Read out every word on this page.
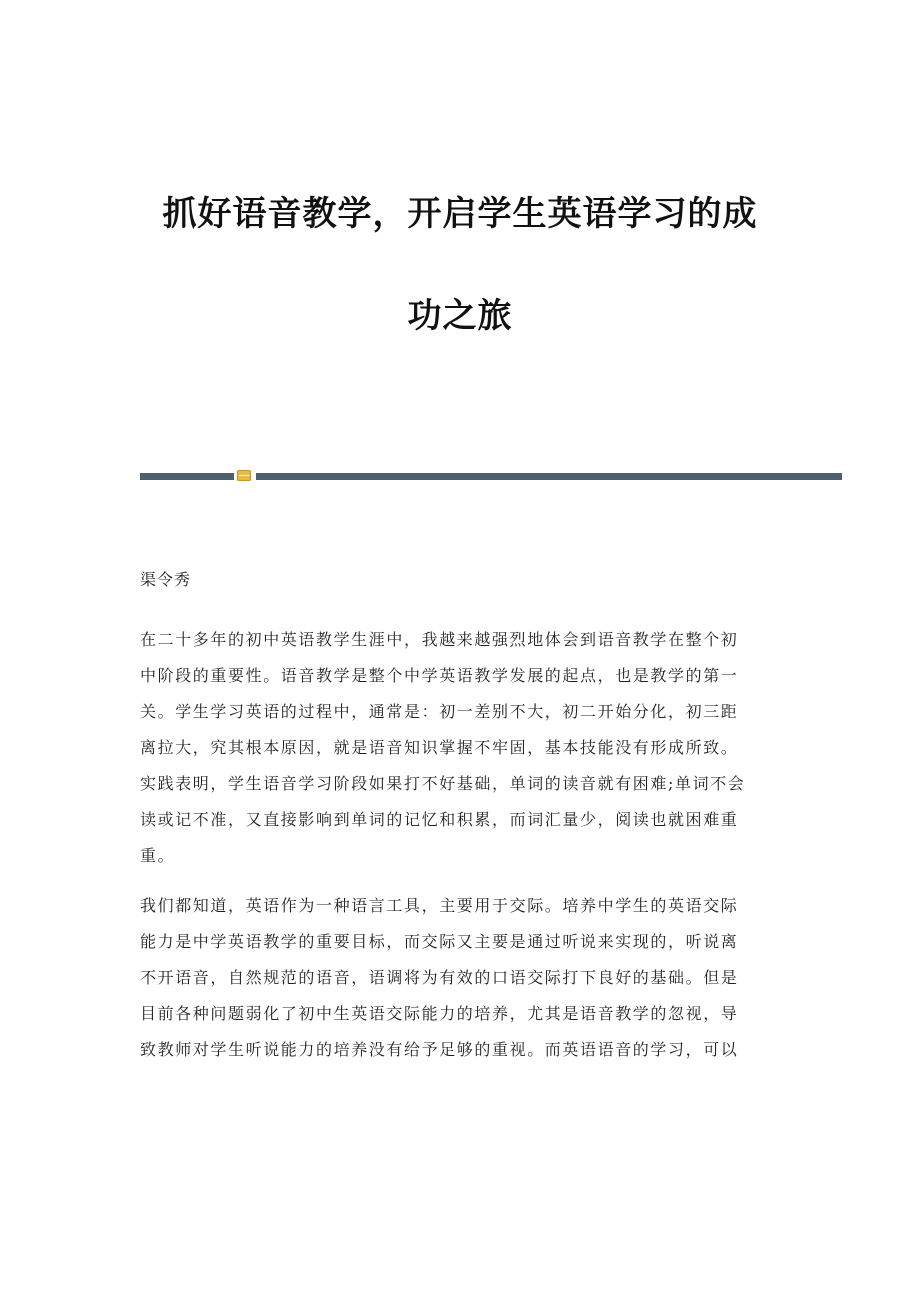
抓好语音教学，开启学生英语学习的成
功之旅
渠令秀
在二十多年的初中英语教学生涯中，我越来越强烈地体会到语音教学在整个初
中阶段的重要性。语音教学是整个中学英语教学发展的起点，也是教学的第一
关。学生学习英语的过程中，通常是：初一差别不大，初二开始分化，初三距
离拉大，究其根本原因，就是语音知识掌握不牢固，基本技能没有形成所致。
实践表明，学生语音学习阶段如果打不好基础，单词的读音就有困难;单词不会
读或记不准，又直接影响到单词的记忆和积累，而词汇量少，阅读也就困难重
重。
我们都知道，英语作为一种语言工具，主要用于交际。培养中学生的英语交际
能力是中学英语教学的重要目标，而交际又主要是通过听说来实现的，听说离
不开语音，自然规范的语音，语调将为有效的口语交际打下良好的基础。但是
目前各种问题弱化了初中生英语交际能力的培养，尤其是语音教学的忽视，导
致教师对学生听说能力的培养没有给予足够的重视。而英语语音的学习，可以
